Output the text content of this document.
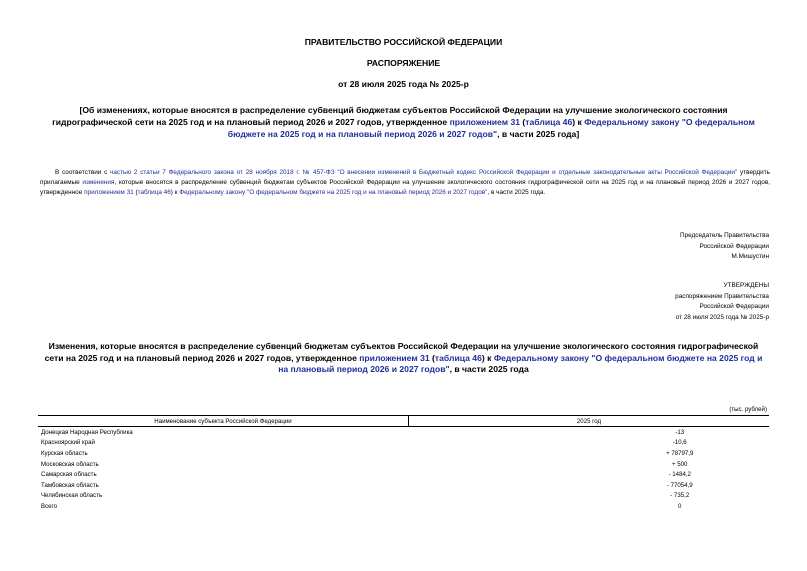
ПРАВИТЕЛЬСТВО РОССИЙСКОЙ ФЕДЕРАЦИИ
РАСПОРЯЖЕНИЕ
от 28 июля 2025 года № 2025-р
[Об изменениях, которые вносятся в распределение субвенций бюджетам субъектов Российской Федерации на улучшение экологического состояния гидрографической сети на 2025 год и на плановый период 2026 и 2027 годов, утвержденное приложением 31 (таблица 46) к Федеральному закону "О федеральном бюджете на 2025 год и на плановый период 2026 и 2027 годов", в части 2025 года]
В соответствии с частью 2 статьи 7 Федерального закона от 28 ноября 2018 г. № 457-ФЗ "О внесении изменений в Бюджетный кодекс Российской Федерации и отдельные законодательные акты Российской Федерации" утвердить прилагаемые изменения, которые вносятся в распределение субвенций бюджетам субъектов Российской Федерации на улучшение экологического состояния гидрографической сети на 2025 год и на плановый период 2026 и 2027 годов, утвержденное приложением 31 (таблица 46) к Федеральному закону "О федеральном бюджете на 2025 год и на плановый период 2026 и 2027 годов", в части 2025 года.
Председатель Правительства
Российской Федерации
М.Мишустин
УТВЕРЖДЕНЫ
распоряжением Правительства
Российской Федерации
от 28 июля 2025 года № 2025-р
Изменения, которые вносятся в распределение субвенций бюджетам субъектов Российской Федерации на улучшение экологического состояния гидрографической сети на 2025 год и на плановый период 2026 и 2027 годов, утвержденное приложением 31 (таблица 46) к Федеральному закону "О федеральном бюджете на 2025 год и на плановый период 2026 и 2027 годов", в части 2025 года
(тыс. рублей)
Наименование субъекта Российской Федерации	2025 год
Донецкая Народная Республика	-13
Красноярский край	-10,6
Курская область	+ 78797,9
Московская область	+ 500
Самарская область	- 1484,2
Тамбовская область	- 77054,9
Челябинская область	- 735,2
Всего	0
